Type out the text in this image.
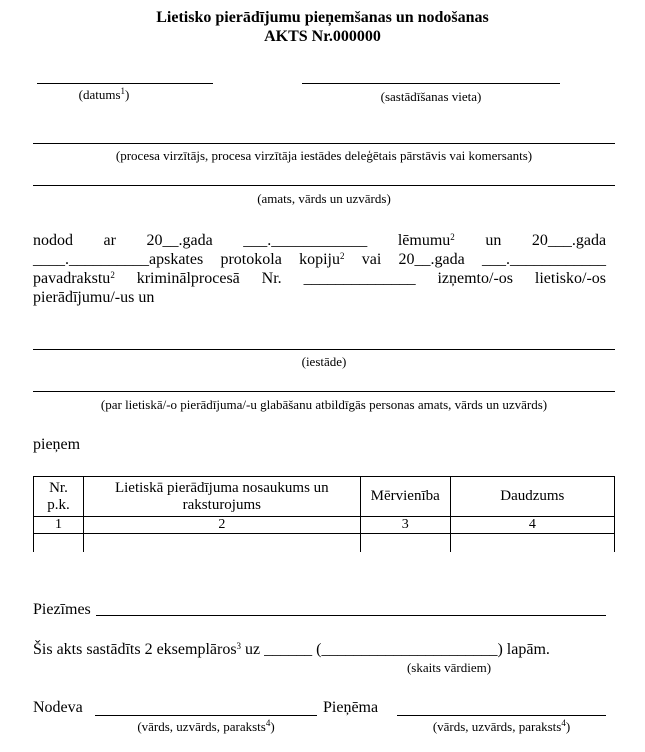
Lietisko pierādījumu pieņemšanas un nodošanas
AKTS Nr.000000
(datums$^1$)	(sastādīšanas vieta)
(procesa virzītājs, procesa virzītāja iestādes deleģētais pārstāvis vai komersants)
(amats, vārds un uzvārds)
nodod ar 20__.gada ___.____________ lēmumu$^2$ un 20___.gada
____.__________apskates protokola kopiju$^2$ vai 20__.gada ___.____________
pavadrakstu$^2$ kriminālprocesā Nr. ______________ izņemto/-os lietisko/-os
pierādījumu/-us un
(iestāde)
(par lietiskā/-o pierādījuma/-u glabāšanu atbildīgās personas amats, vārds un uzvārds)
pieņem
Nr. p.k.	Lietiskā pierādījuma nosaukums un raksturojums	Mērvienība	Daudzums
1	2	3	4

Piezīmes
Šis akts sastādīts 2 eksemplāros$^3$ uz ______ (______________________) lapām.
(skaits vārdiem)
Nodeva
(vārds, uzvārds, paraksts$^4$)
Pieņēma
(vārds, uzvārds, paraksts$^4$)
